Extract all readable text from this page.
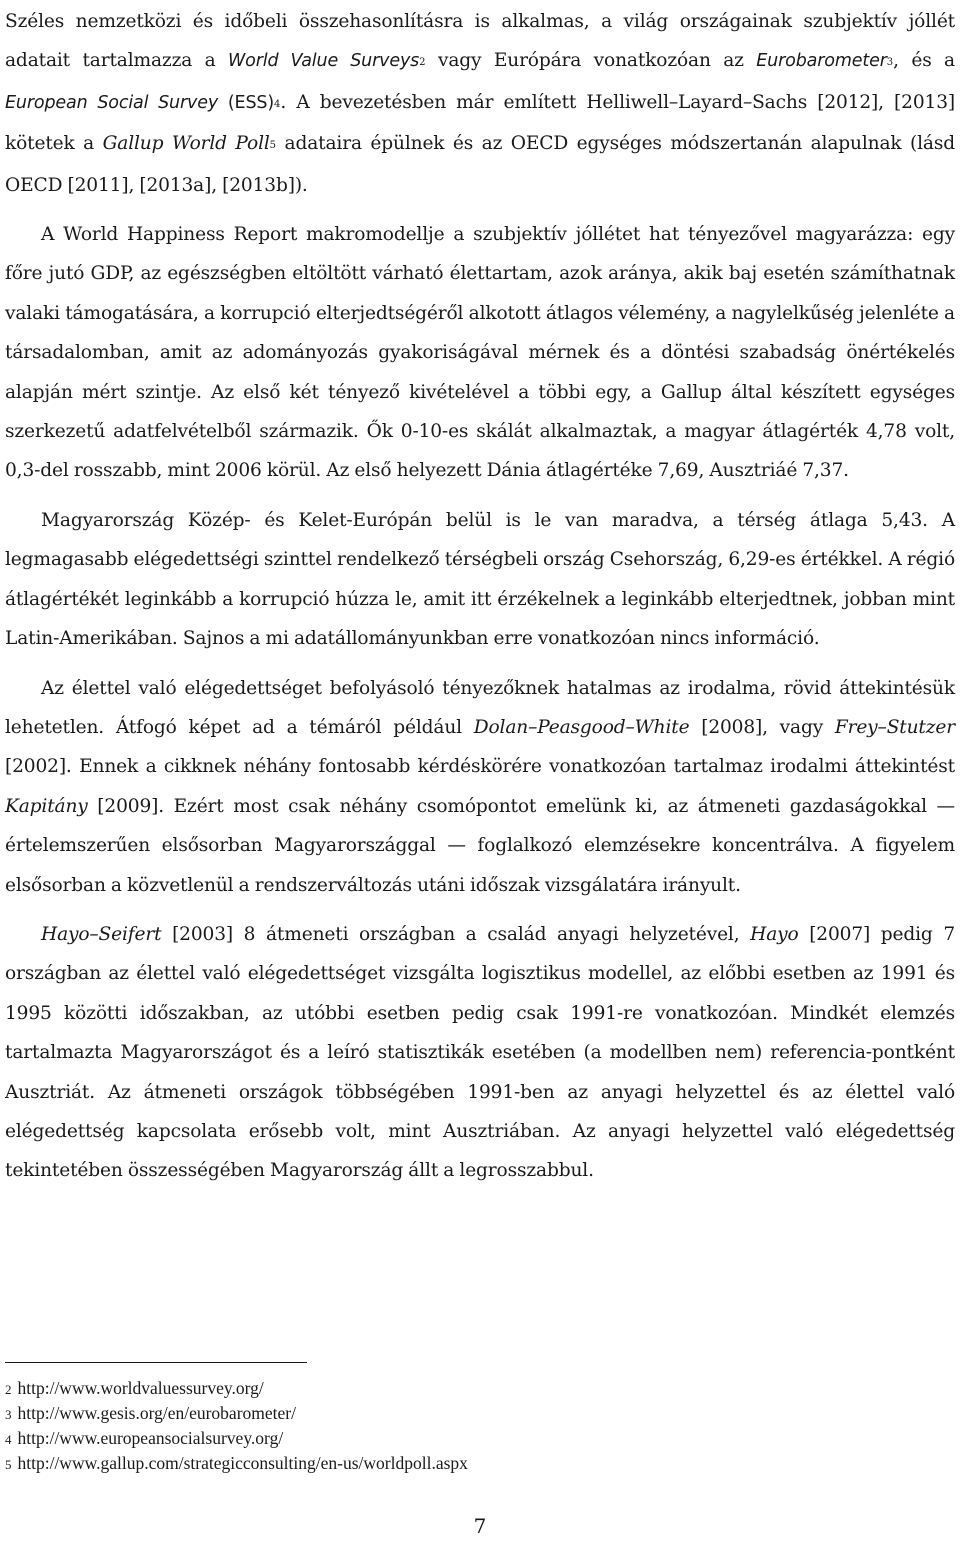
Széles nemzetközi és időbeli összehasonlításra is alkalmas, a világ országainak szubjektív jóllét adatait tartalmazza a World Value Surveys2 vagy Európára vonatkozóan az Eurobarometer3, és a European Social Survey (ESS)4. A bevezetésben már említett Helliwell–Layard–Sachs [2012], [2013] kötetek a Gallup World Poll5 adataira épülnek és az OECD egységes módszertanán alapulnak (lásd OECD [2011], [2013a], [2013b]).

A World Happiness Report makromodellje a szubjektív jóllétet hat tényezővel magyarázza: egy főre jutó GDP, az egészségben eltöltött várható élettartam, azok aránya, akik baj esetén számíthatnak valaki támogatására, a korrupció elterjedtségéről alkotott átlagos vélemény, a nagylelkűség jelenléte a társadalomban, amit az adományozás gyakoriságával mérnek és a döntési szabadság önértékelés alapján mért szintje. Az első két tényező kivételével a többi egy, a Gallup által készített egységes szerkezetű adatfelvételből származik. Ők 0-10-es skálát alkalmaztak, a magyar átlagérték 4,78 volt, 0,3-del rosszabb, mint 2006 körül. Az első helyezett Dánia átlagértéke 7,69, Ausztriáé 7,37.

Magyarország Közép- és Kelet-Európán belül is le van maradva, a térség átlaga 5,43. A legmagasabb elégedettségi szinttel rendelkező térségbeli ország Csehország, 6,29-es értékkel. A régió átlagértékét leginkább a korrupció húzza le, amit itt érzékelnek a leginkább elterjedtnek, jobban mint Latin-Amerikában. Sajnos a mi adatállományunkban erre vonatkozóan nincs információ.

Az élettel való elégedettséget befolyásoló tényezőknek hatalmas az irodalma, rövid áttekintésük lehetetlen. Átfogó képet ad a témáról például Dolan–Peasgood–White [2008], vagy Frey–Stutzer [2002]. Ennek a cikknek néhány fontosabb kérdéskörére vonatkozóan tartalmaz irodalmi áttekintést Kapitány [2009]. Ezért most csak néhány csomópontot emelünk ki, az átmeneti gazdaságokkal — értelemszerűen elsősorban Magyarországgal — foglalkozó elemzésekre koncentrálva. A figyelem elsősorban a közvetlenül a rendszerváltozás utáni időszak vizsgálatára irányult.

Hayo–Seifert [2003] 8 átmeneti országban a család anyagi helyzetével, Hayo [2007] pedig 7 országban az élettel való elégedettséget vizsgálta logisztikus modellel, az előbbi esetben az 1991 és 1995 közötti időszakban, az utóbbi esetben pedig csak 1991-re vonatkozóan. Mindkét elemzés tartalmazta Magyarországot és a leíró statisztikák esetében (a modellben nem) referencia-pontként Ausztriát. Az átmeneti országok többségében 1991-ben az anyagi helyzettel és az élettel való elégedettség kapcsolata erősebb volt, mint Ausztriában. Az anyagi helyzettel való elégedettség tekintetében összességében Magyarország állt a legrosszabbul.

2 http://www.worldvaluessurvey.org/
3 http://www.gesis.org/en/eurobarometer/
4 http://www.europeansocialsurvey.org/
5 http://www.gallup.com/strategicconsulting/en-us/worldpoll.aspx
7
